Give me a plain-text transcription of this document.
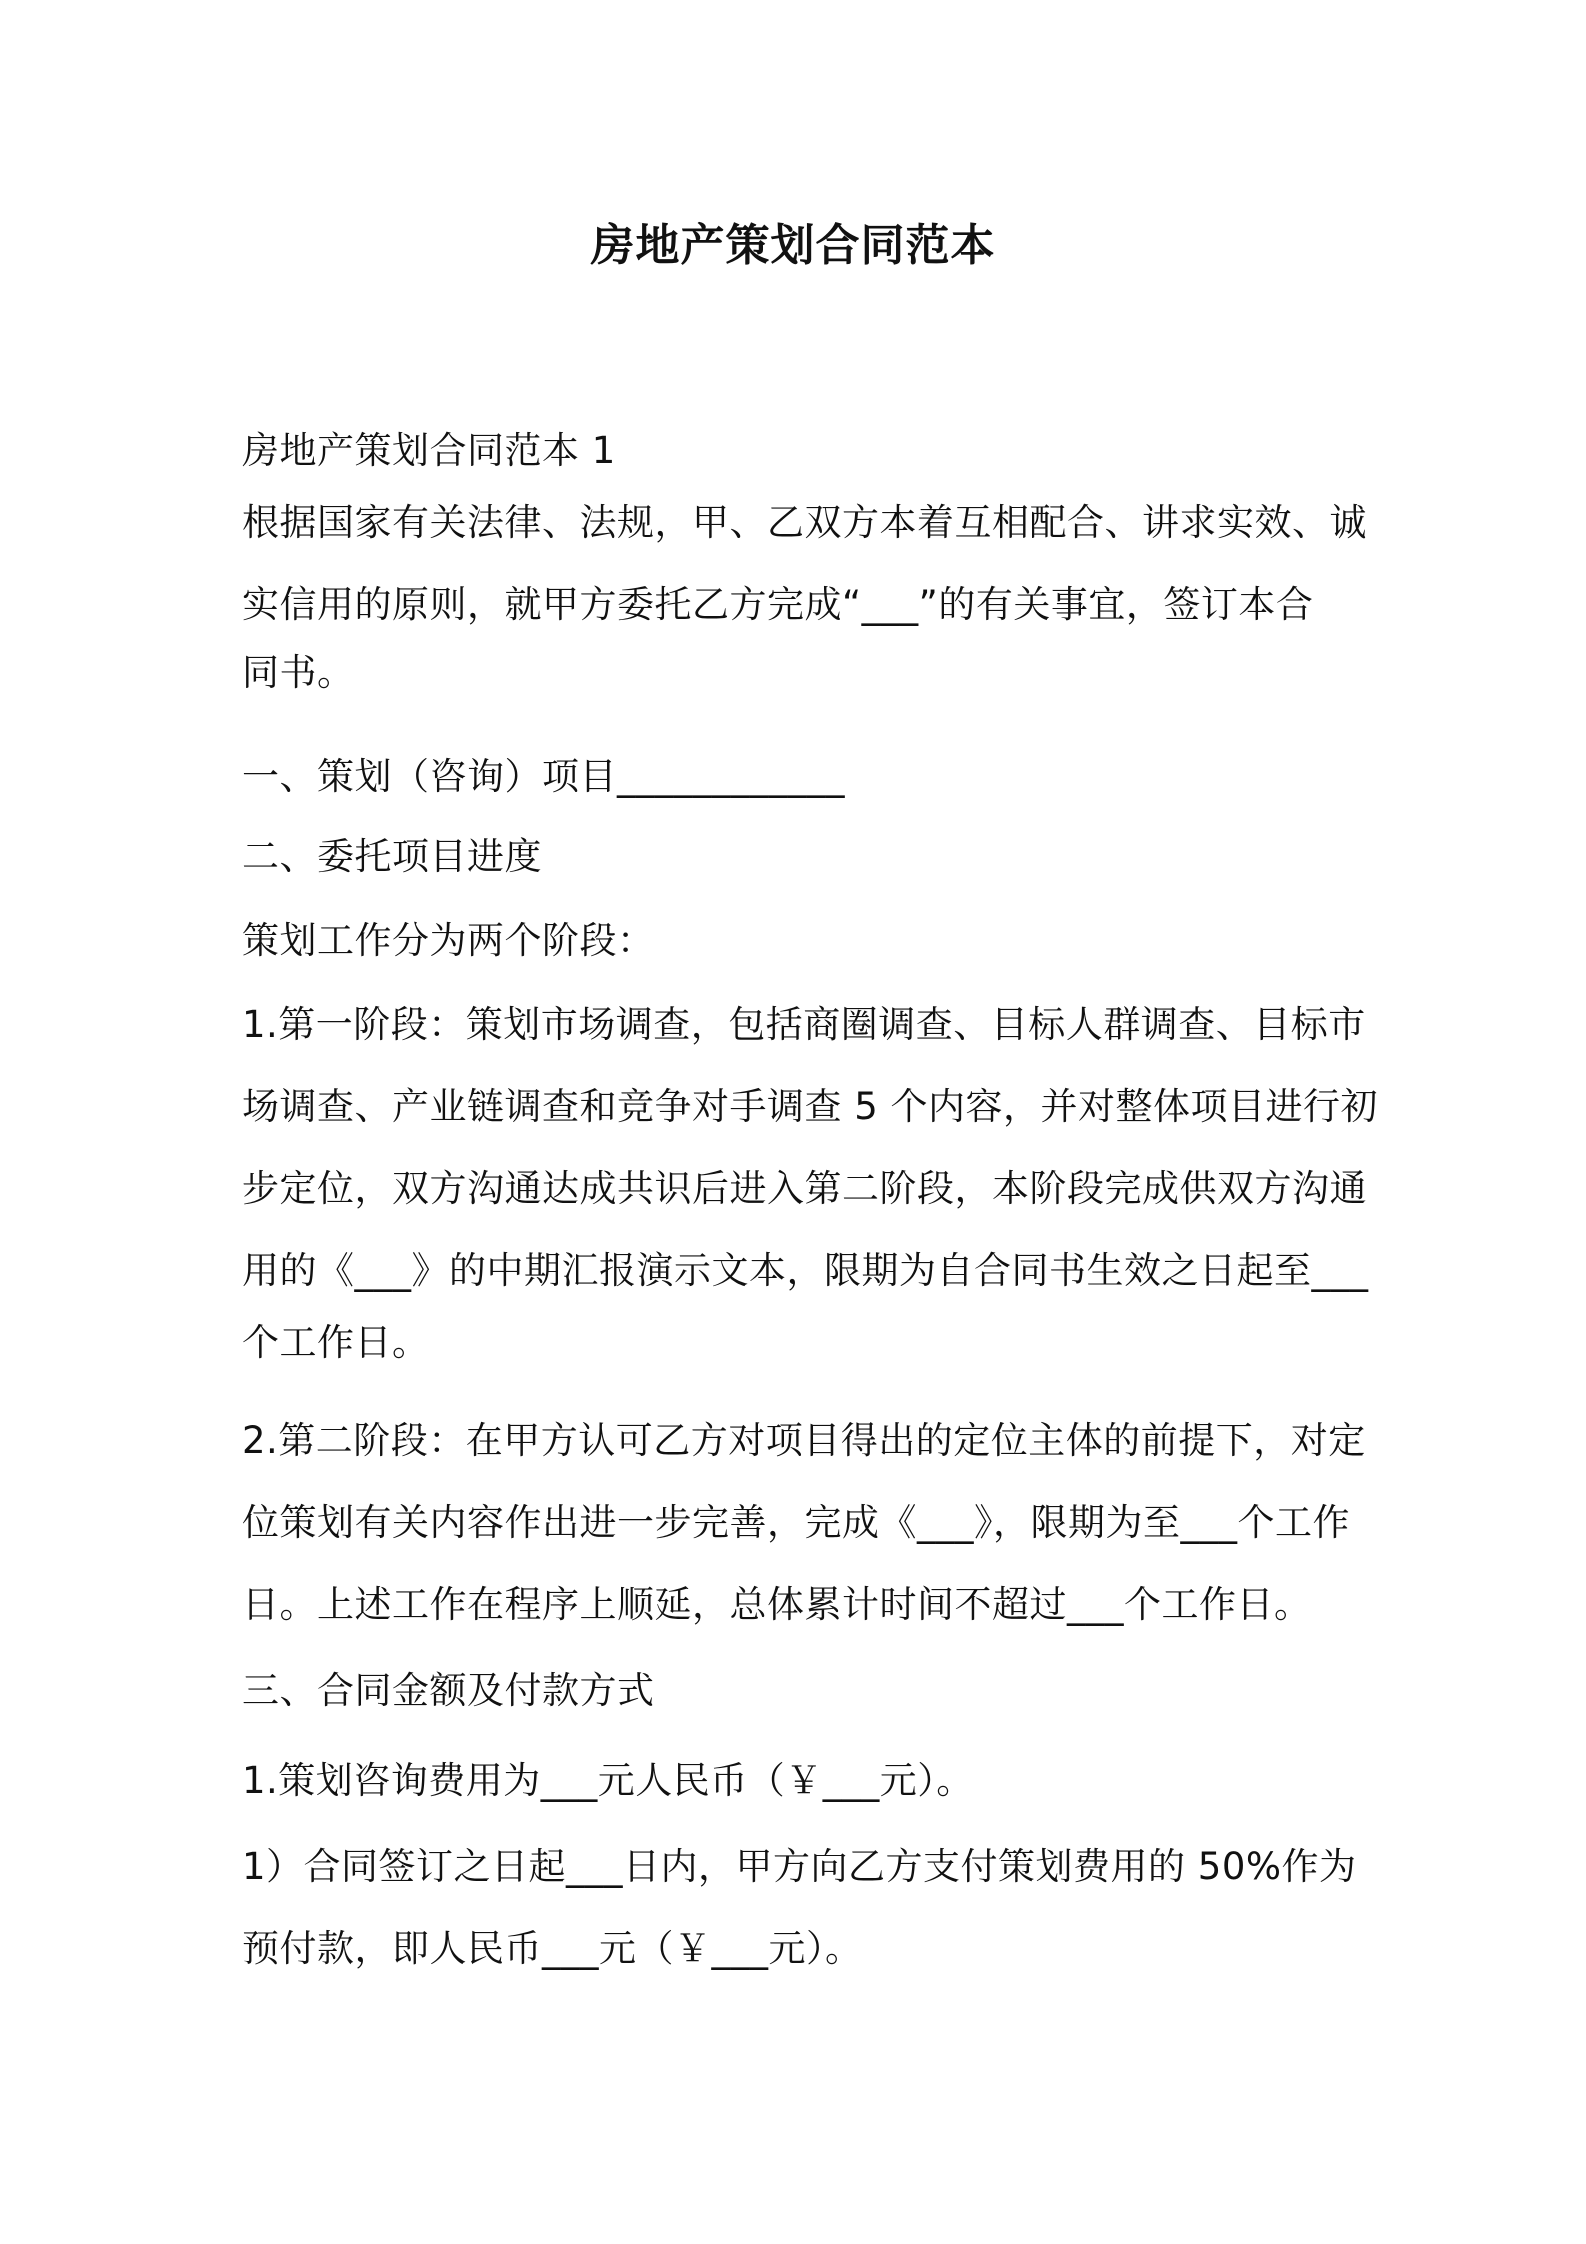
房地产策划合同范本
房地产策划合同范本 1
根据国家有关法律、法规，甲、乙双方本着互相配合、讲求实效、诚
实信用的原则，就甲方委托乙方完成“___”的有关事宜，签订本合
同书。
一、策划（咨询）项目____________
二、委托项目进度
策划工作分为两个阶段：
1.第一阶段：策划市场调查，包括商圈调查、目标人群调查、目标市
场调查、产业链调查和竞争对手调查 5 个内容，并对整体项目进行初
步定位，双方沟通达成共识后进入第二阶段，本阶段完成供双方沟通
用的《___》的中期汇报演示文本，限期为自合同书生效之日起至___
个工作日。
2.第二阶段：在甲方认可乙方对项目得出的定位主体的前提下，对定
位策划有关内容作出进一步完善，完成《___》，限期为至___个工作
日。上述工作在程序上顺延，总体累计时间不超过___个工作日。
三、合同金额及付款方式
1.策划咨询费用为___元人民币（￥___元）。
1）合同签订之日起___日内，甲方向乙方支付策划费用的 50%作为
预付款，即人民币___元（￥___元）。
